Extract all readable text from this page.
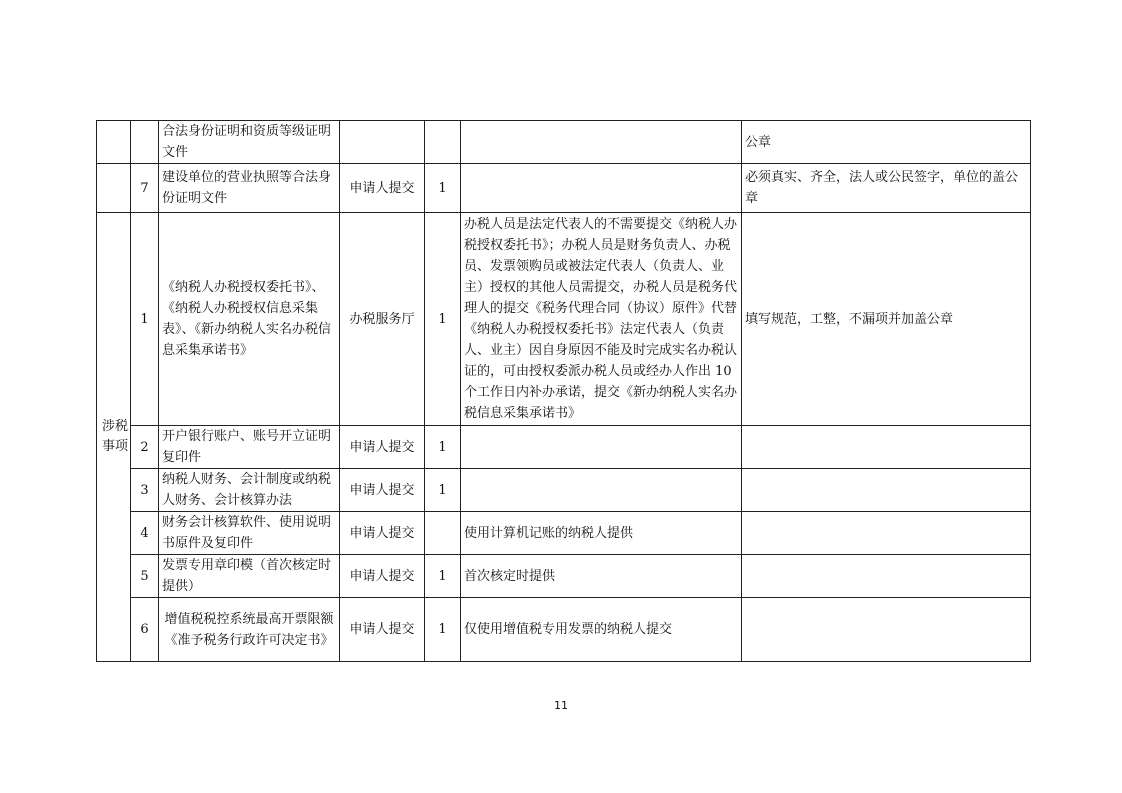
		合法身份证明和资质等级证明文件				公章
	7	建设单位的营业执照等合法身份证明文件	申请人提交	1		必须真实、齐全，法人或公民签字，单位的盖公章
涉税事项	1	《纳税人办税授权委托书》、《纳税人办税授权信息采集表》、《新办纳税人实名办税信息采集承诺书》	办税服务厅	1	办税人员是法定代表人的不需要提交《纳税人办税授权委托书》；办税人员是财务负责人、办税员、发票领购员或被法定代表人（负责人、业主）授权的其他人员需提交，办税人员是税务代理人的提交《税务代理合同（协议）原件》代替《纳税人办税授权委托书》法定代表人（负责人、业主）因自身原因不能及时完成实名办税认证的，可由授权委派办税人员或经办人作出 10 个工作日内补办承诺，提交《新办纳税人实名办税信息采集承诺书》	填写规范，工整，不漏项并加盖公章
	2	开户银行账户、账号开立证明复印件	申请人提交	1		
	3	纳税人财务、会计制度或纳税人财务、会计核算办法	申请人提交	1		
	4	财务会计核算软件、使用说明书原件及复印件	申请人提交		使用计算机记账的纳税人提供	
	5	发票专用章印模（首次核定时提供）	申请人提交	1	首次核定时提供	
	6	增值税税控系统最高开票限额《准予税务行政许可决定书》	申请人提交	1	仅使用增值税专用发票的纳税人提交	
11
